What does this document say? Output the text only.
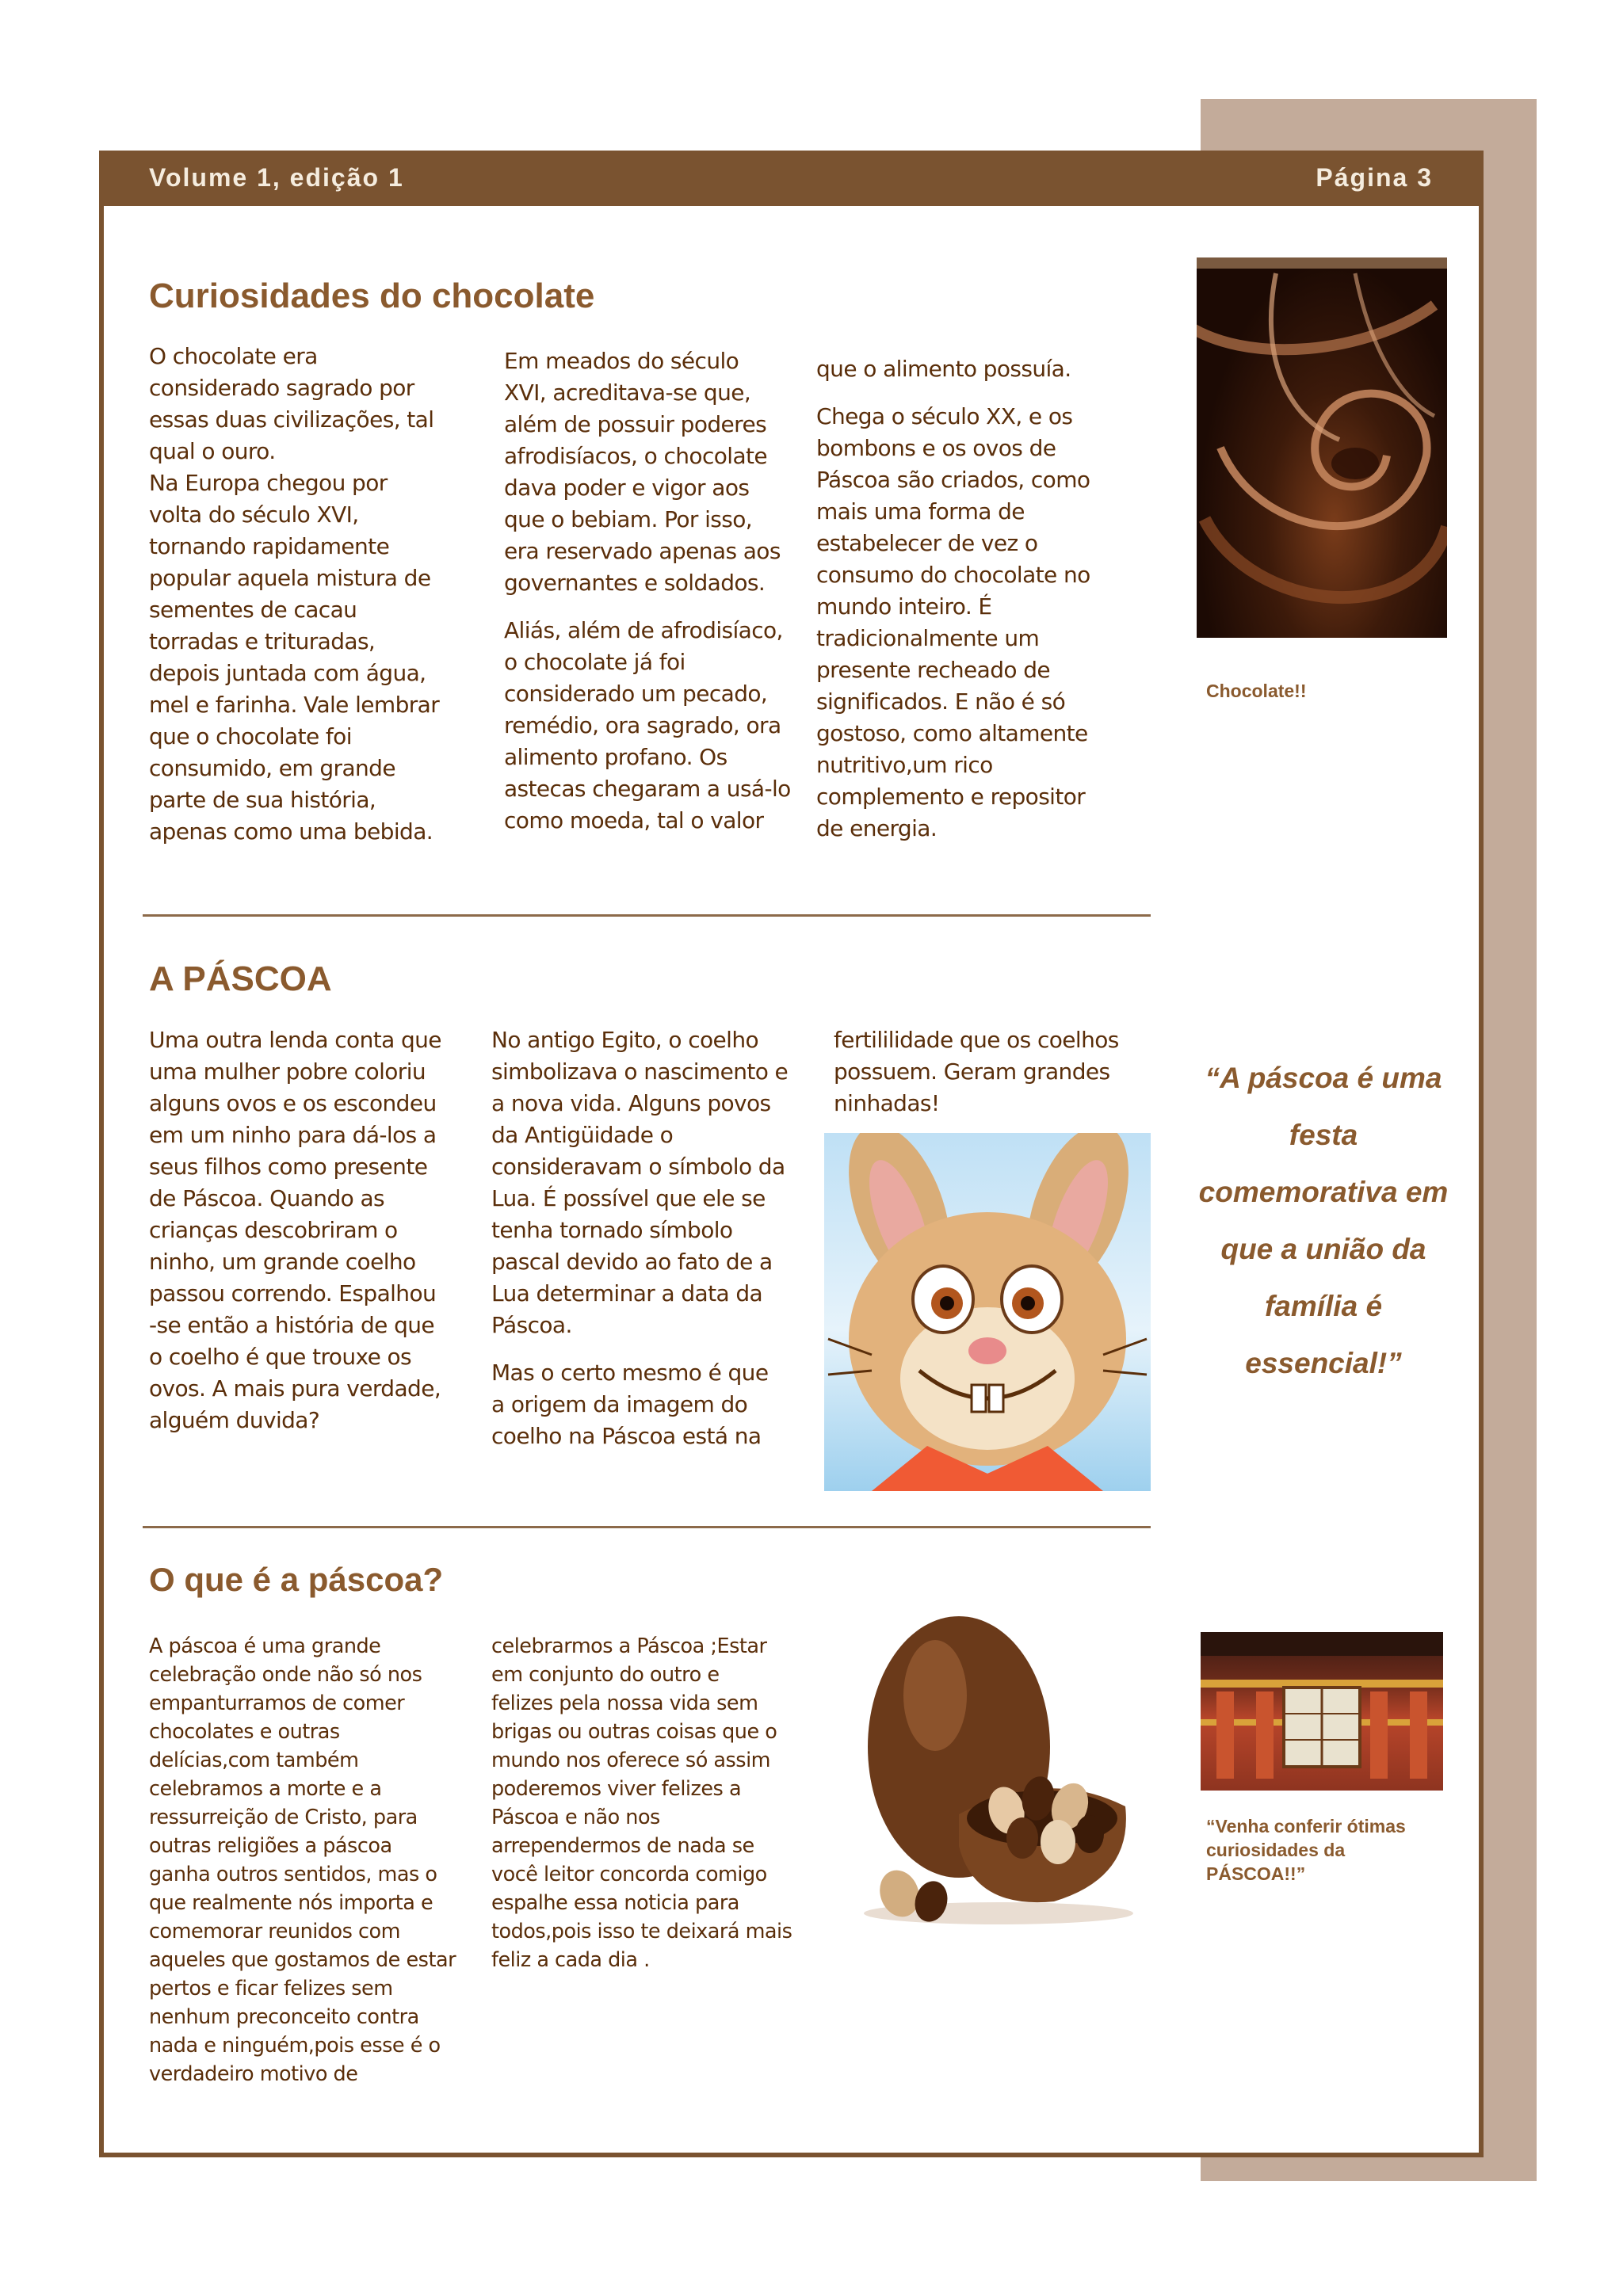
Volume 1, edição 1	Página 3
Curiosidades do chocolate

O chocolate era
considerado sagrado por
essas duas civilizações, tal
qual o ouro.
Na Europa chegou por
volta do século XVI,
tornando rapidamente
popular aquela mistura de
sementes de cacau
torradas e trituradas,
depois juntada com água,
mel e farinha. Vale lembrar
que o chocolate foi
consumido, em grande
parte de sua história,
apenas como uma bebida.

Em meados do século
XVI, acreditava-se que,
além de possuir poderes
afrodisíacos, o chocolate
dava poder e vigor aos
que o bebiam. Por isso,
era reservado apenas aos
governantes e soldados.

Aliás, além de afrodisíaco,
o chocolate já foi
considerado um pecado,
remédio, ora sagrado, ora
alimento profano. Os
astecas chegaram a usá-lo
como moeda, tal o valor

que o alimento possuía.

Chega o século XX, e os
bombons e os ovos de
Páscoa são criados, como
mais uma forma de
estabelecer de vez o
consumo do chocolate no
mundo inteiro. É
tradicionalmente um
presente recheado de
significados. E não é só
gostoso, como altamente
nutritivo,um rico
complemento e repositor
de energia.

Chocolate!!
A PÁSCOA

Uma outra lenda conta que
uma mulher pobre coloriu
alguns ovos e os escondeu
em um ninho para dá-los a
seus filhos como presente
de Páscoa. Quando as
crianças descobriram o
ninho, um grande coelho
passou correndo. Espalhou
-se então a história de que
o coelho é que trouxe os
ovos. A mais pura verdade,
alguém duvida?

No antigo Egito, o coelho
simbolizava o nascimento e
a nova vida. Alguns povos
da Antigüidade o
consideravam o símbolo da
Lua. É possível que ele se
tenha tornado símbolo
pascal devido ao fato de a
Lua determinar a data da
Páscoa.

Mas o certo mesmo é que
a origem da imagem do
coelho na Páscoa está na

fertililidade que os coelhos
possuem. Geram grandes
ninhadas!

“A páscoa é uma festa comemorativa em que a união da família é essencial!”
O que é a páscoa?

A páscoa é uma grande
celebração onde não só nos
empanturramos de comer
chocolates e outras
delícias,com também
celebramos a morte e a
ressurreição de Cristo, para
outras religiões a páscoa
ganha outros sentidos, mas o
que realmente nós importa e
comemorar reunidos com
aqueles que gostamos de estar
pertos e ficar felizes sem
nenhum preconceito contra
nada e ninguém,pois esse é o
verdadeiro motivo de

celebrarmos a Páscoa ;Estar
em conjunto do outro e
felizes pela nossa vida sem
brigas ou outras coisas que o
mundo nos oferece só assim
poderemos viver felizes a
Páscoa e não nos
arrependermos de nada se
você leitor concorda comigo
espalhe essa noticia para
todos,pois isso te deixará mais
feliz a cada dia .

“Venha conferir ótimas curiosidades da PÁSCOA!!”
